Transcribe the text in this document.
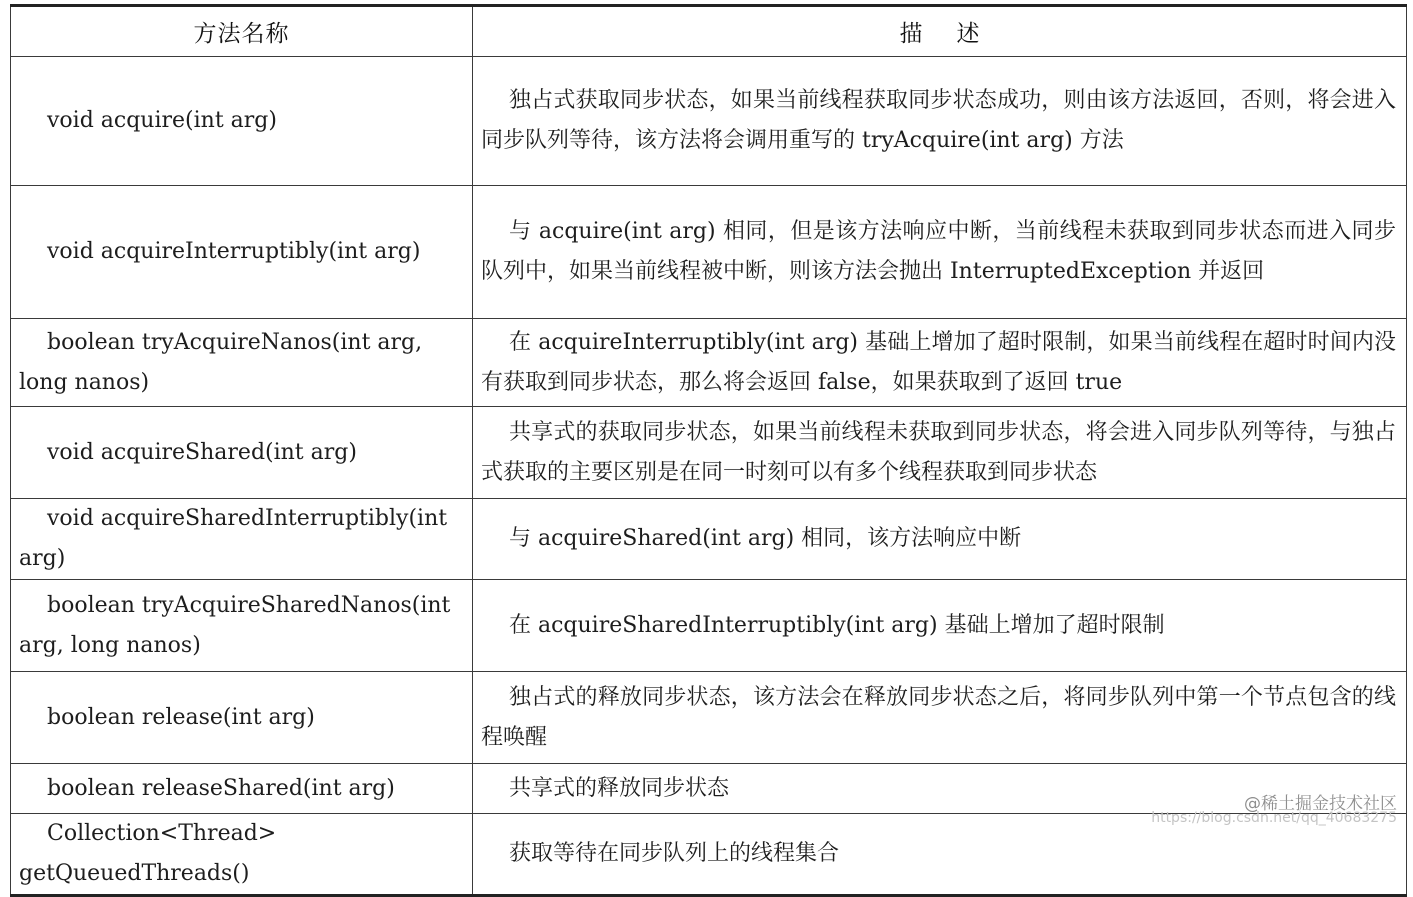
方法名称	描述

void acquire(int arg)	独占式获取同步状态，如果当前线程获取同步状态成功，则由该方法返回，否则，将会进入同步队列等待，该方法将会调用重写的 tryAcquire(int arg) 方法

void acquireInterruptibly(int arg)	与 acquire(int arg) 相同，但是该方法响应中断，当前线程未获取到同步状态而进入同步队列中，如果当前线程被中断，则该方法会抛出 InterruptedException 并返回

boolean tryAcquireNanos(int arg, long nanos)	在 acquireInterruptibly(int arg) 基础上增加了超时限制，如果当前线程在超时时间内没有获取到同步状态，那么将会返回 false，如果获取到了返回 true

void acquireShared(int arg)	共享式的获取同步状态，如果当前线程未获取到同步状态，将会进入同步队列等待，与独占式获取的主要区别是在同一时刻可以有多个线程获取到同步状态

void acquireSharedInterruptibly(int arg)	与 acquireShared(int arg) 相同，该方法响应中断

boolean tryAcquireSharedNanos(int arg, long nanos)	在 acquireSharedInterruptibly(int arg) 基础上增加了超时限制

boolean release(int arg)	独占式的释放同步状态，该方法会在释放同步状态之后，将同步队列中第一个节点包含的线程唤醒

boolean releaseShared(int arg)	共享式的释放同步状态

Collection<Thread> getQueuedThreads()	获取等待在同步队列上的线程集合
@稀土掘金技术社区
https://blog.csdn.net/qq_40683275
